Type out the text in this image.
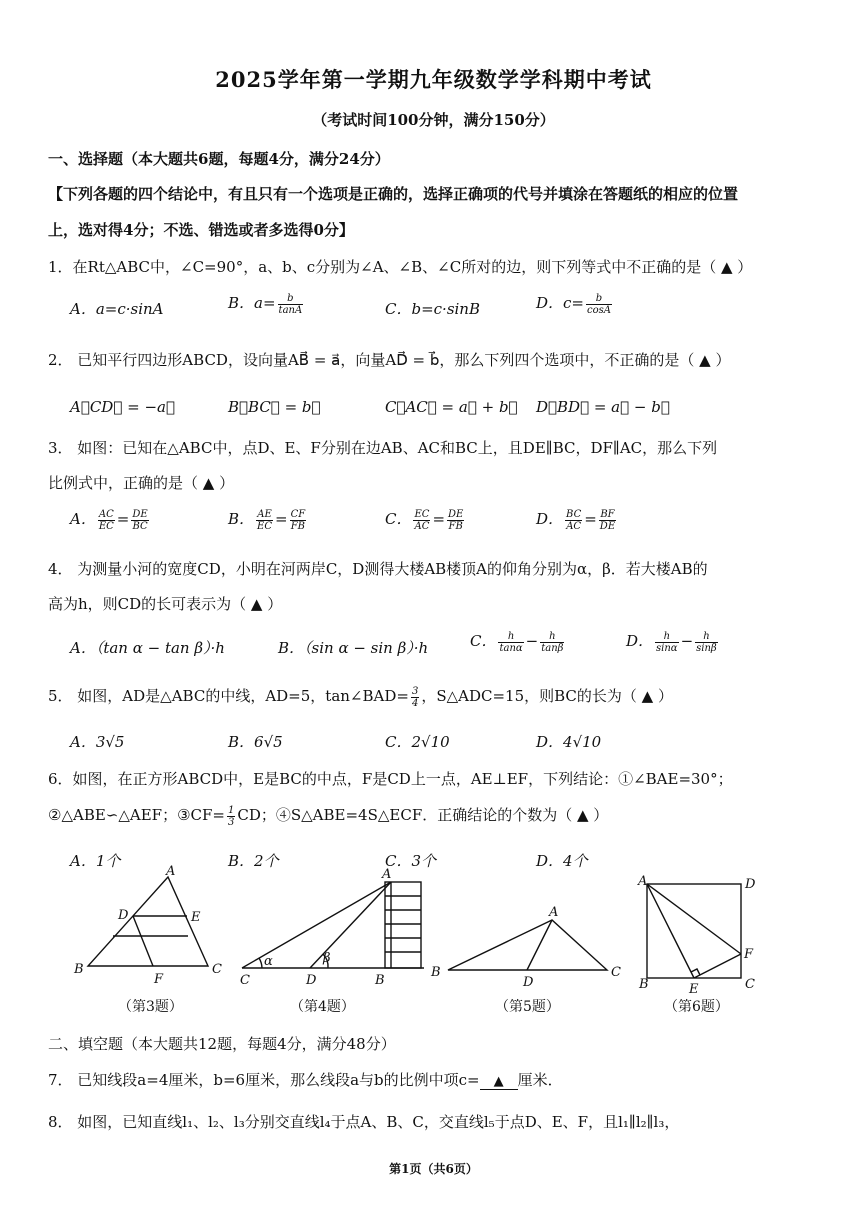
2025学年第一学期九年级数学学科期中考试
（考试时间100分钟，满分150分）
一、选择题（本大题共6题，每题4分，满分24分）
【下列各题的四个结论中，有且只有一个选项是正确的，选择正确项的代号并填涂在答题纸的相应的位置
上，选对得4分；不选、错选或者多选得0分】
1．在Rt△ABC中，∠C=90°，a、b、c分别为∠A、∠B、∠C所对的边，则下列等式中不正确的是（ ▲ ）
A．a=c·sinA	B．$a= \frac{b}{\tan A}$	C．b=c·sinB	D．$c= \frac{b}{\cos A}$
2． 已知平行四边形ABCD，设向量AB⃗ = a⃗，向量AD⃗ = b⃗，那么下列四个选项中，不正确的是（ ▲ ）
A．CD⃗ = −a⃗	B．BC⃗ = b⃗	C．AC⃗ = a⃗ + b⃗ D．BD⃗ = a⃗ − b⃗
3． 如图：已知在△ABC中，点D、E、F分别在边AB、AC和BC上，且DE∥BC，DF∥AC，那么下列
比例式中，正确的是（ ▲ ）
A． $\frac{AC}{EC} = \frac{DE}{BC}$	B． $\frac{AE}{EC} = \frac{CF}{FB}$	C． $\frac{EC}{AC} = \frac{DE}{FB}$	D． $\frac{BC}{AC} = \frac{BF}{DE}$
4． 为测量小河的宽度CD，小明在河两岸C，D测得大楼AB楼顶A的仰角分别为α，β．若大楼AB的
高为h，则CD的长可表示为（ ▲ ）
A．（tan α − tan β）·h	B．（sin α − sin β）·h	C． $\frac{h}{\tan\alpha} - \frac{h}{\tan\beta}$	D． $\frac{h}{\sin\alpha} - \frac{h}{\sin\beta}$
5． 如图，AD是△ABC的中线，AD=5，tan∠BAD= $\frac{3}{4}$ ，S△ADC=15，则BC的长为（ ▲ ）
A．3√5	B．6√5	C．2√10	D．4√10
6．如图，在正方形ABCD中，E是BC的中点，F是CD上一点，AE⊥EF，下列结论：①∠BAE=30°；
②△ABE∽△AEF；③CF= $\frac{1}{3}$ CD；④S△ABE=4S△ECF．正确结论的个数为（ ▲ ）
A．1个	B．2个	C．3个	D．4个
A
D	E
B
F
C
A
C	D	B
α	β
A
B
D
C
A	D
B	E	C
F
（第3题）	（第4题）	（第5题）	（第6题）
二、填空题（本大题共12题，每题4分，满分48分）
7． 已知线段a=4厘米，b=6厘米，那么线段a与b的比例中项c= ▲ 厘米．
8． 如图，已知直线l₁、l₂、l₃分别交直线l₄于点A、B、C，交直线l₅于点D、E、F，且l₁∥l₂∥l₃，
第1页（共6页）
